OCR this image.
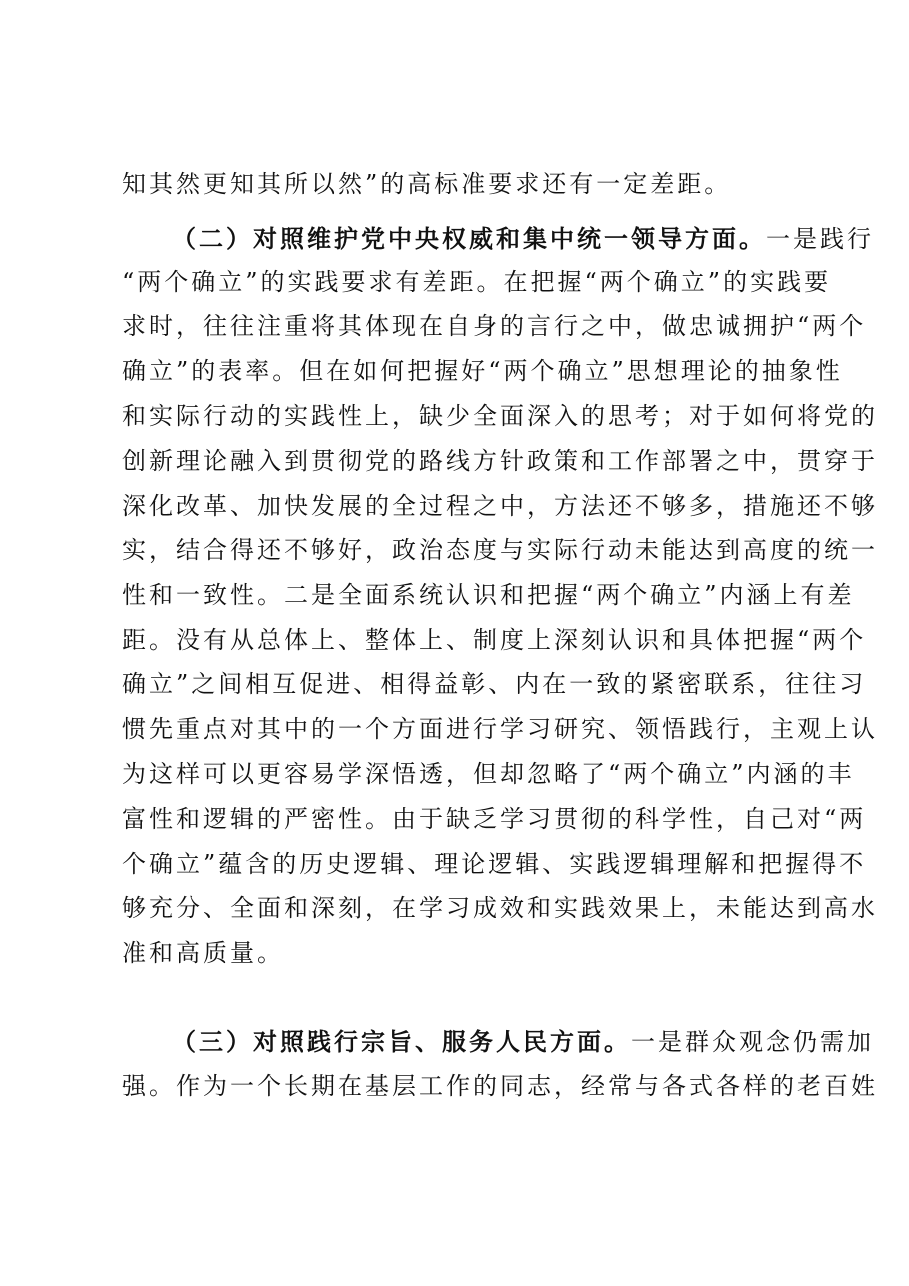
知其然更知其所以然”的高标准要求还有一定差距。
（二）对照维护党中央权威和集中统一领导方面。一是践行
“两个确立”的实践要求有差距。在把握“两个确立”的实践要
求时，往往注重将其体现在自身的言行之中，做忠诚拥护“两个
确立”的表率。但在如何把握好“两个确立”思想理论的抽象性
和实际行动的实践性上，缺少全面深入的思考；对于如何将党的
创新理论融入到贯彻党的路线方针政策和工作部署之中，贯穿于
深化改革、加快发展的全过程之中，方法还不够多，措施还不够
实，结合得还不够好，政治态度与实际行动未能达到高度的统一
性和一致性。二是全面系统认识和把握“两个确立”内涵上有差
距。没有从总体上、整体上、制度上深刻认识和具体把握“两个
确立”之间相互促进、相得益彰、内在一致的紧密联系，往往习
惯先重点对其中的一个方面进行学习研究、领悟践行，主观上认
为这样可以更容易学深悟透，但却忽略了“两个确立”内涵的丰
富性和逻辑的严密性。由于缺乏学习贯彻的科学性，自己对“两
个确立”蕴含的历史逻辑、理论逻辑、实践逻辑理解和把握得不
够充分、全面和深刻，在学习成效和实践效果上，未能达到高水
准和高质量。
（三）对照践行宗旨、服务人民方面。一是群众观念仍需加
强。作为一个长期在基层工作的同志，经常与各式各样的老百姓
